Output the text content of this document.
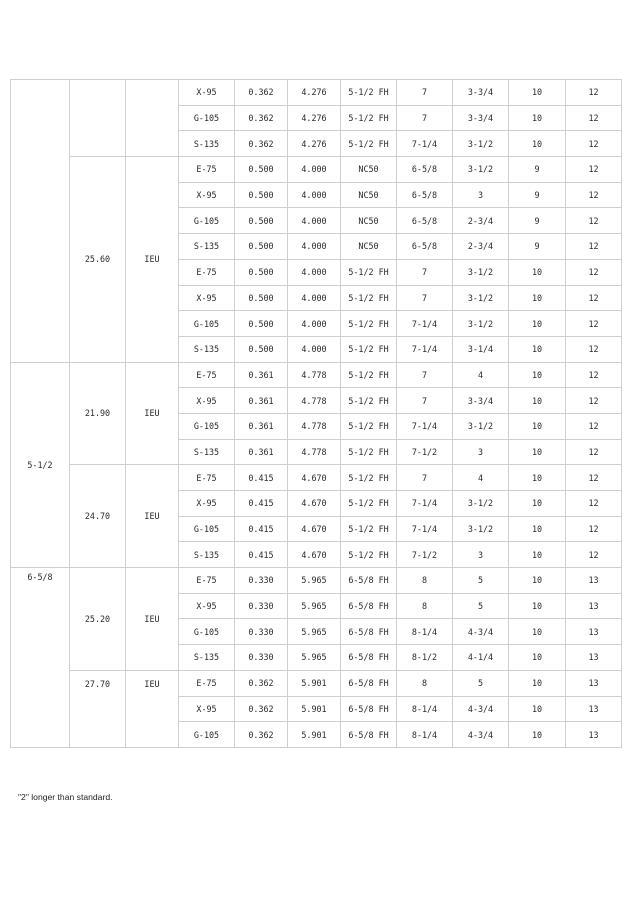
			X-95	0.362	4.276	5-1/2 FH	7	3-3/4	10	12
			G-105	0.362	4.276	5-1/2 FH	7	3-3/4	10	12
			S-135	0.362	4.276	5-1/2 FH	7-1/4	3-1/2	10	12
	25.60	IEU	E-75	0.500	4.000	NC50	6-5/8	3-1/2	9	12
			X-95	0.500	4.000	NC50	6-5/8	3	9	12
			G-105	0.500	4.000	NC50	6-5/8	2-3/4	9	12
			S-135	0.500	4.000	NC50	6-5/8	2-3/4	9	12
			E-75	0.500	4.000	5-1/2 FH	7	3-1/2	10	12
			X-95	0.500	4.000	5-1/2 FH	7	3-1/2	10	12
			G-105	0.500	4.000	5-1/2 FH	7-1/4	3-1/2	10	12
			S-135	0.500	4.000	5-1/2 FH	7-1/4	3-1/4	10	12
5-1/2	21.90	IEU	E-75	0.361	4.778	5-1/2 FH	7	4	10	12
			X-95	0.361	4.778	5-1/2 FH	7	3-3/4	10	12
			G-105	0.361	4.778	5-1/2 FH	7-1/4	3-1/2	10	12
			S-135	0.361	4.778	5-1/2 FH	7-1/2	3	10	12
	24.70	IEU	E-75	0.415	4.670	5-1/2 FH	7	4	10	12
			X-95	0.415	4.670	5-1/2 FH	7-1/4	3-1/2	10	12
			G-105	0.415	4.670	5-1/2 FH	7-1/4	3-1/2	10	12
			S-135	0.415	4.670	5-1/2 FH	7-1/2	3	10	12
6-5/8	25.20	IEU	E-75	0.330	5.965	6-5/8 FH	8	5	10	13
			X-95	0.330	5.965	6-5/8 FH	8	5	10	13
			G-105	0.330	5.965	6-5/8 FH	8-1/4	4-3/4	10	13
			S-135	0.330	5.965	6-5/8 FH	8-1/2	4-1/4	10	13
	27.70	IEU	E-75	0.362	5.901	6-5/8 FH	8	5	10	13
			X-95	0.362	5.901	6-5/8 FH	8-1/4	4-3/4	10	13
			G-105	0.362	5.901	6-5/8 FH	8-1/4	4-3/4	10	13
"2" longer than standard.
